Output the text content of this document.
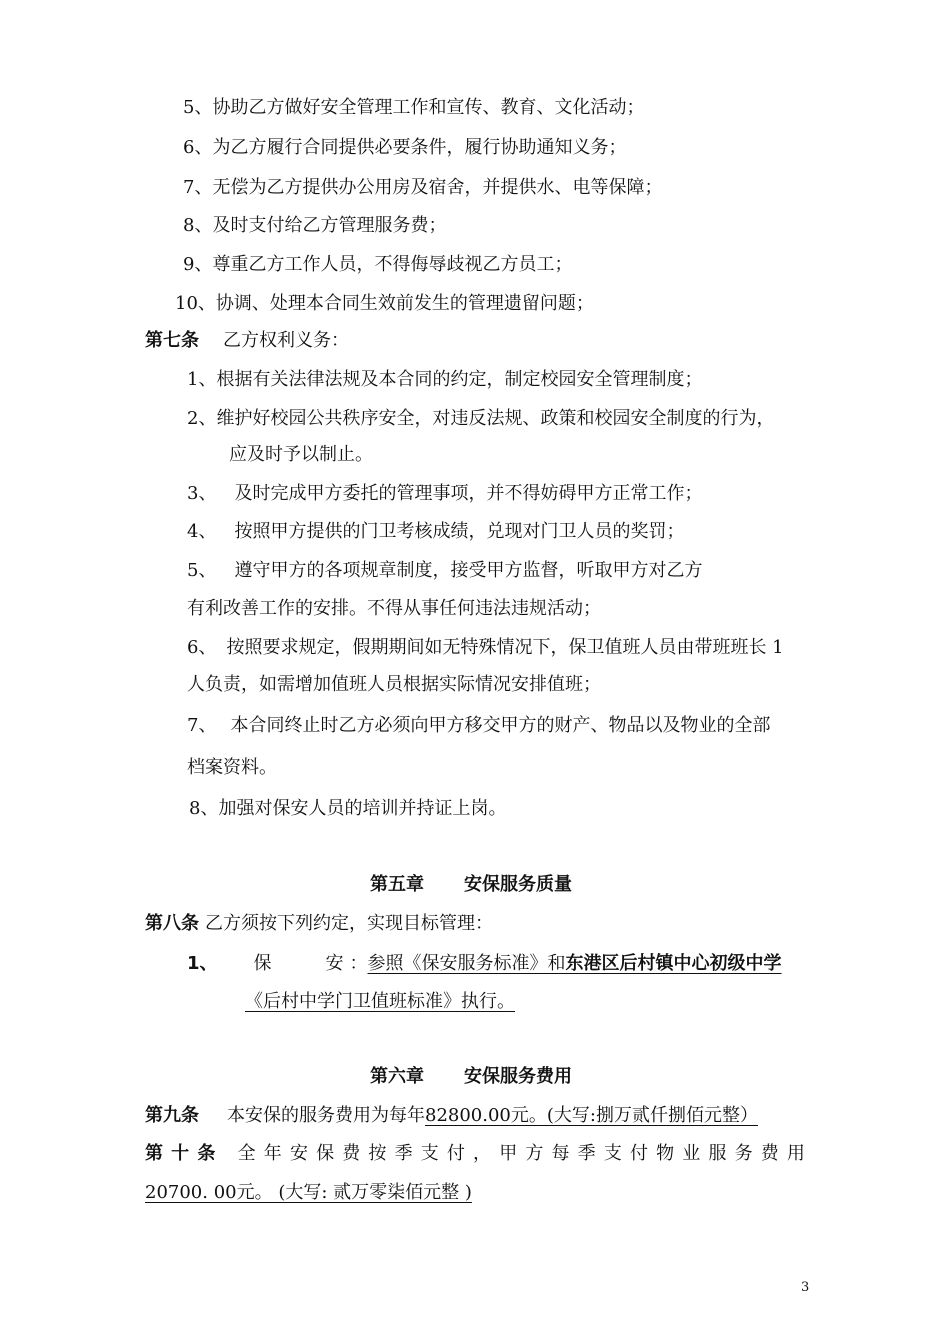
5、协助乙方做好安全管理工作和宣传、教育、文化活动；
6、为乙方履行合同提供必要条件，履行协助通知义务；
7、无偿为乙方提供办公用房及宿舍，并提供水、电等保障；
8、及时支付给乙方管理服务费；
9、尊重乙方工作人员，不得侮辱歧视乙方员工；
10、协调、处理本合同生效前发生的管理遗留问题；
第七条 乙方权利义务：
1、根据有关法律法规及本合同的约定，制定校园安全管理制度；
2、维护好校园公共秩序安全，对违反法规、政策和校园安全制度的行为，
应及时予以制止。
3、 及时完成甲方委托的管理事项，并不得妨碍甲方正常工作；
4、 按照甲方提供的门卫考核成绩，兑现对门卫人员的奖罚；
5、 遵守甲方的各项规章制度，接受甲方监督，听取甲方对乙方
有利改善工作的安排。不得从事任何违法违规活动；
6、 按照要求规定，假期期间如无特殊情况下，保卫值班人员由带班班长 1
人负责，如需增加值班人员根据实际情况安排值班；
7、 本合同终止时乙方必须向甲方移交甲方的财产、物品以及物业的全部
档案资料。
8、加强对保安人员的培训并持证上岗。
第五章 安保服务质量
第八条 乙方须按下列约定，实现目标管理：
1、 保　　　安 ：参照《保安服务标准》和东港区后村镇中心初级中学
《后村中学门卫值班标准》执行。
第六章 安保服务费用
第九条 本安保的服务费用为每年82800.00元。(大写:捌万贰仟捌佰元整）
第 十 条 全 年 安 保 费 按 季 支 付 ， 甲 方 每 季 支 付 物 业 服 务 费 用
20700. 00元。 (大写: 贰万零柒佰元整 )
3
